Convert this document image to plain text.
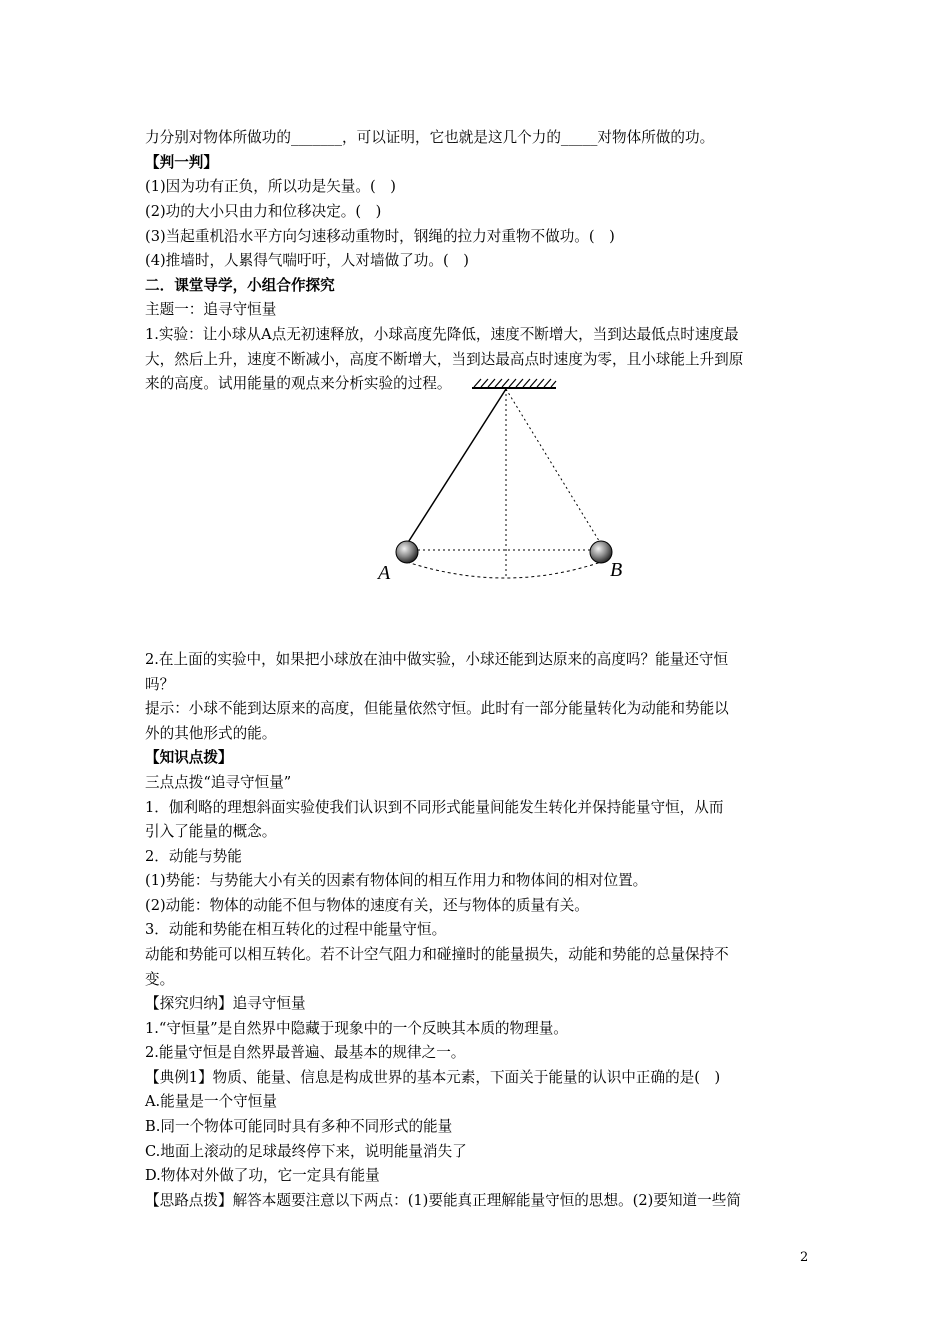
力分别对物体所做功的_______，可以证明，它也就是这几个力的_____对物体所做的功。
【判一判】
(1)因为功有正负，所以功是矢量。(　)
(2)功的大小只由力和位移决定。(　)
(3)当起重机沿水平方向匀速移动重物时，钢绳的拉力对重物不做功。(　)
(4)推墙时，人累得气喘吁吁，人对墙做了功。(　)
二．课堂导学，小组合作探究
主题一：追寻守恒量
1.实验：让小球从A点无初速释放，小球高度先降低，速度不断增大，当到达最低点时速度最
大，然后上升，速度不断减小，高度不断增大，当到达最高点时速度为零，且小球能上升到原
来的高度。试用能量的观点来分析实验的过程。
A	B
2.在上面的实验中，如果把小球放在油中做实验，小球还能到达原来的高度吗？能量还守恒
吗？
提示：小球不能到达原来的高度，但能量依然守恒。此时有一部分能量转化为动能和势能以
外的其他形式的能。
【知识点拨】
三点点拨“追寻守恒量”
1．伽利略的理想斜面实验使我们认识到不同形式能量间能发生转化并保持能量守恒，从而
引入了能量的概念。
2．动能与势能
(1)势能：与势能大小有关的因素有物体间的相互作用力和物体间的相对位置。
(2)动能：物体的动能不但与物体的速度有关，还与物体的质量有关。
3．动能和势能在相互转化的过程中能量守恒。
动能和势能可以相互转化。若不计空气阻力和碰撞时的能量损失，动能和势能的总量保持不
变。
【探究归纳】追寻守恒量
1.“守恒量”是自然界中隐藏于现象中的一个反映其本质的物理量。
2.能量守恒是自然界最普遍、最基本的规律之一。
【典例1】物质、能量、信息是构成世界的基本元素，下面关于能量的认识中正确的是(　)
A.能量是一个守恒量
B.同一个物体可能同时具有多种不同形式的能量
C.地面上滚动的足球最终停下来，说明能量消失了
D.物体对外做了功，它一定具有能量
【思路点拨】解答本题要注意以下两点：(1)要能真正理解能量守恒的思想。(2)要知道一些简
2
